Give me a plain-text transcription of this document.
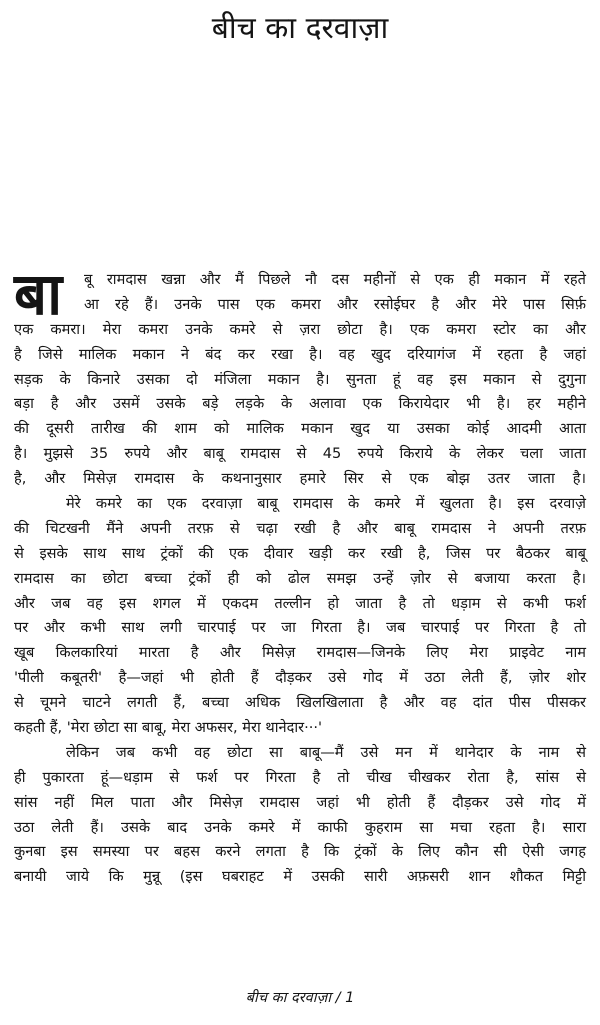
बीच का दरवाज़ा
बा	बू रामदास खन्ना और मैं पिछले नौ दस महीनों से एक ही मकान में रहते
आ रहे हैं। उनके पास एक कमरा और रसोईघर है और मेरे पास सिर्फ़
एक कमरा। मेरा कमरा उनके कमरे से ज़रा छोटा है। एक कमरा स्टोर का और
है जिसे मालिक मकान ने बंद कर रखा है। वह खुद दरियागंज में रहता है जहां
सड़क के किनारे उसका दो मंजिला मकान है। सुनता हूं वह इस मकान से दुगुना
बड़ा है और उसमें उसके बड़े लड़के के अलावा एक किरायेदार भी है। हर महीने
की दूसरी तारीख की शाम को मालिक मकान खुद या उसका कोई आदमी आता
है। मुझसे 35 रुपये और बाबू रामदास से 45 रुपये किराये के लेकर चला जाता
है, और मिसेज़ रामदास के कथनानुसार हमारे सिर से एक बोझ उतर जाता है।
मेरे कमरे का एक दरवाज़ा बाबू रामदास के कमरे में खुलता है। इस दरवाज़े
की चिटखनी मैंने अपनी तरफ़ से चढ़ा रखी है और बाबू रामदास ने अपनी तरफ़
से इसके साथ साथ ट्रंकों की एक दीवार खड़ी कर रखी है, जिस पर बैठकर बाबू
रामदास का छोटा बच्चा ट्रंकों ही को ढोल समझ उन्हें ज़ोर से बजाया करता है।
और जब वह इस शगल में एकदम तल्लीन हो जाता है तो धड़ाम से कभी फर्श
पर और कभी साथ लगी चारपाई पर जा गिरता है। जब चारपाई पर गिरता है तो
खूब किलकारियां मारता है और मिसेज़ रामदास—जिनके लिए मेरा प्राइवेट नाम
'पीली कबूतरी' है—जहां भी होती हैं दौड़कर उसे गोद में उठा लेती हैं, ज़ोर शोर
से चूमने चाटने लगती हैं, बच्चा अधिक खिलखिलाता है और वह दांत पीस पीसकर
कहती हैं, 'मेरा छोटा सा बाबू, मेरा अफसर, मेरा थानेदार···'
लेकिन जब कभी वह छोटा सा बाबू—मैं उसे मन में थानेदार के नाम से
ही पुकारता हूं—धड़ाम से फर्श पर गिरता है तो चीख चीखकर रोता है, सांस से
सांस नहीं मिल पाता और मिसेज़ रामदास जहां भी होती हैं दौड़कर उसे गोद में
उठा लेती हैं। उसके बाद उनके कमरे में काफी कुहराम सा मचा रहता है। सारा
कुनबा इस समस्या पर बहस करने लगता है कि ट्रंकों के लिए कौन सी ऐसी जगह
बनायी जाये कि मुन्नू (इस घबराहट में उसकी सारी अफ़सरी शान शौकत मिट्टी
बीच का दरवाज़ा / 1
